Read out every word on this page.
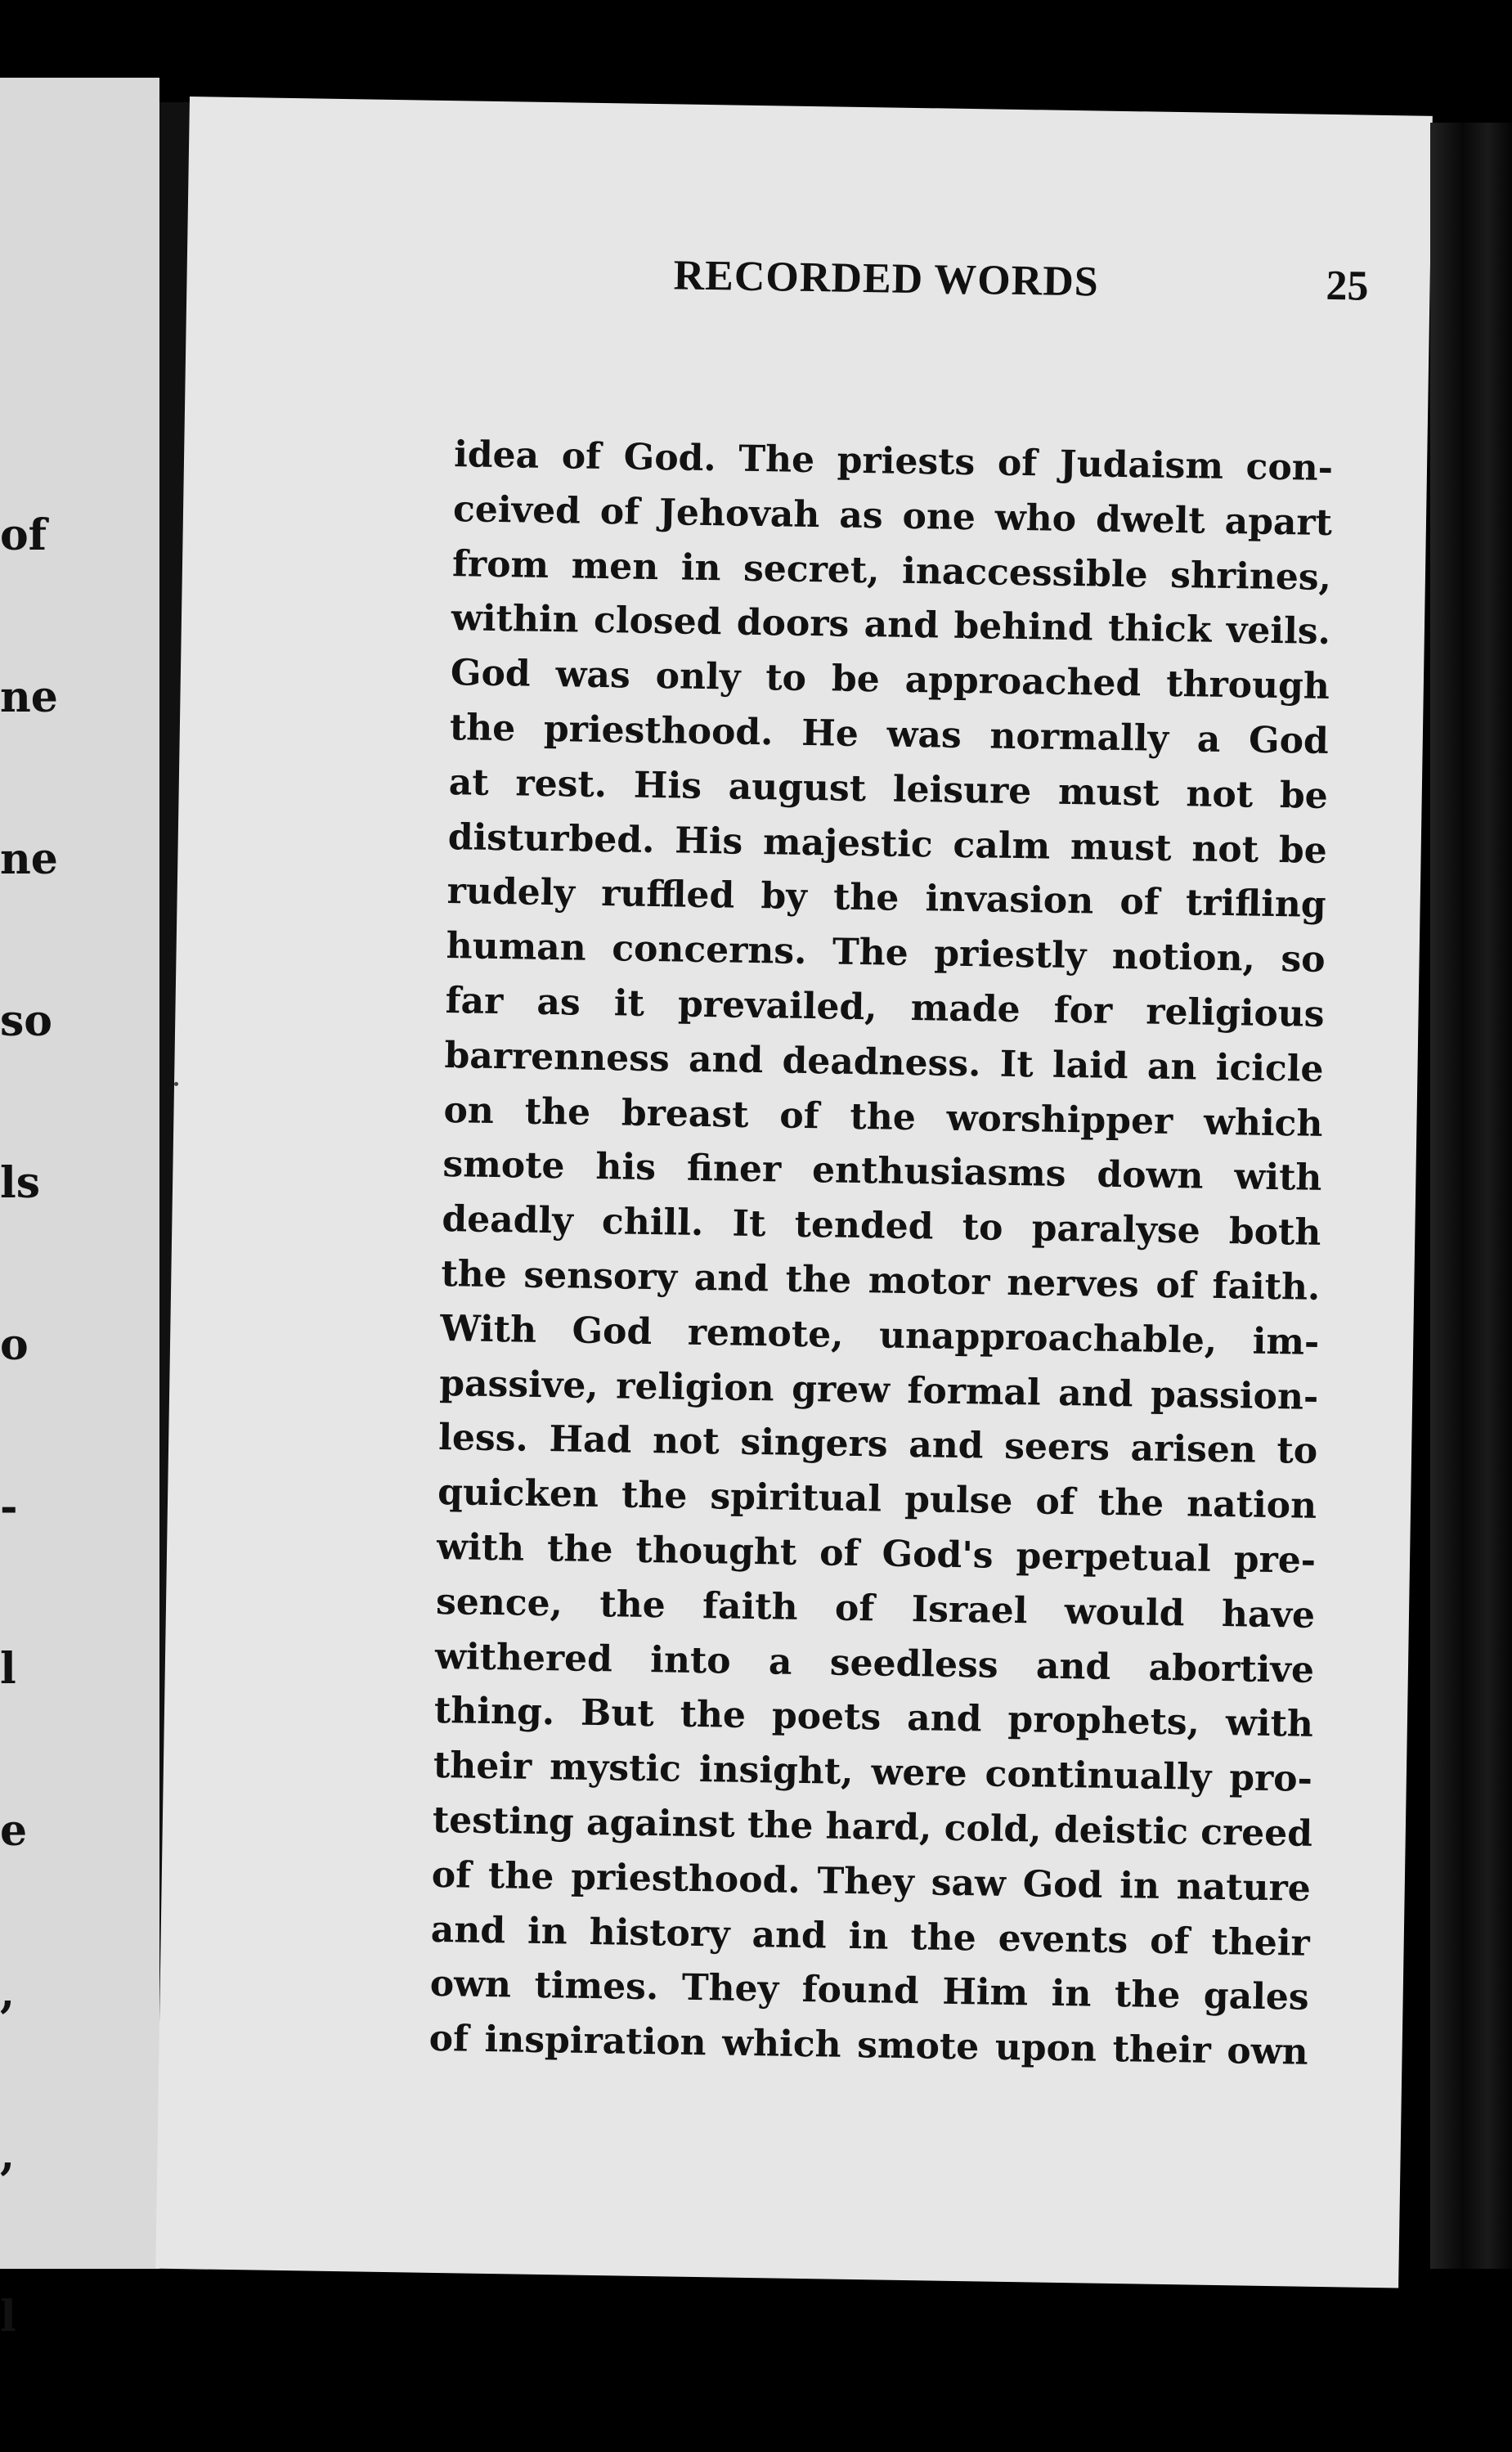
of

ne

ne

so

ls

o

-

l

e

,

,

l

RECORDED WORDS	25
idea of God. The priests of Judaism con-
ceived of Jehovah as one who dwelt apart
from men in secret, inaccessible shrines,
within closed doors and behind thick veils.
God was only to be approached through
the priesthood. He was normally a God
at rest. His august leisure must not be
disturbed. His majestic calm must not be
rudely ruffled by the invasion of trifling
human concerns. The priestly notion, so
far as it prevailed, made for religious
barrenness and deadness. It laid an icicle
on the breast of the worshipper which
smote his finer enthusiasms down with
deadly chill. It tended to paralyse both
the sensory and the motor nerves of faith.
With God remote, unapproachable, im-
passive, religion grew formal and passion-
less. Had not singers and seers arisen to
quicken the spiritual pulse of the nation
with the thought of God's perpetual pre-
sence, the faith of Israel would have
withered into a seedless and abortive
thing. But the poets and prophets, with
their mystic insight, were continually pro-
testing against the hard, cold, deistic creed
of the priesthood. They saw God in nature
and in history and in the events of their
own times. They found Him in the gales
of inspiration which smote upon their own
